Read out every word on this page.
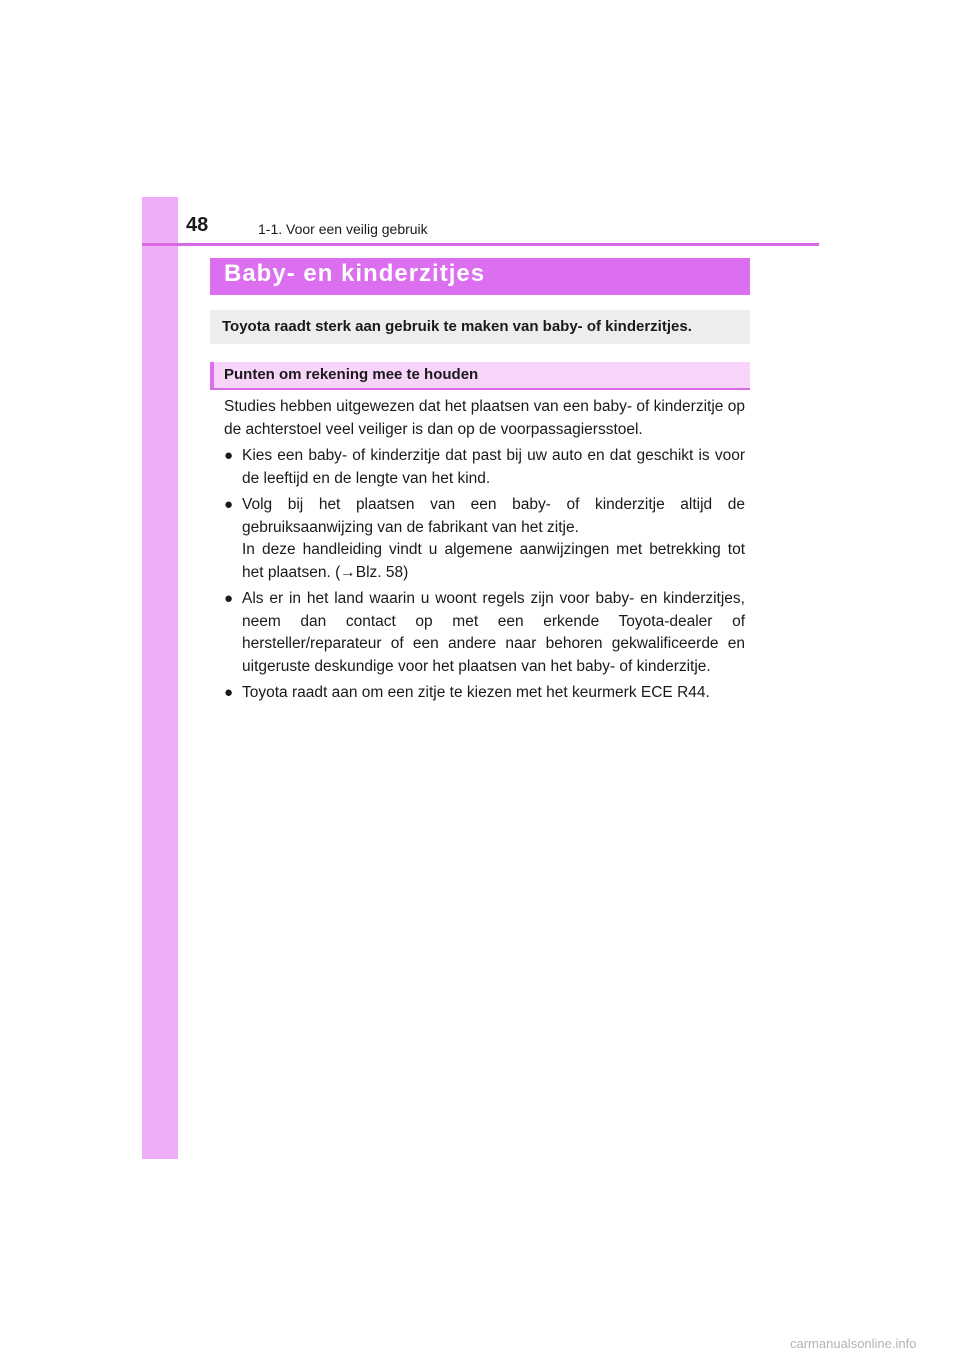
48	1-1. Voor een veilig gebruik
Baby- en kinderzitjes
Toyota raadt sterk aan gebruik te maken van baby- of kinderzitjes.
Punten om rekening mee te houden

Studies hebben uitgewezen dat het plaatsen van een baby- of kinderzitje op de achterstoel veel veiliger is dan op de voorpassagiersstoel.

● Kies een baby- of kinderzitje dat past bij uw auto en dat geschikt is voor de leeftijd en de lengte van het kind.

● Volg bij het plaatsen van een baby- of kinderzitje altijd de gebruiksaanwijzing van de fabrikant van het zitje.

In deze handleiding vindt u algemene aanwijzingen met betrekking tot het plaatsen. (→Blz. 58)

● Als er in het land waarin u woont regels zijn voor baby- en kinderzitjes, neem dan contact op met een erkende Toyota-dealer of hersteller/reparateur of een andere naar behoren gekwalificeerde en uitgeruste deskundige voor het plaatsen van het baby- of kinderzitje.

● Toyota raadt aan om een zitje te kiezen met het keurmerk ECE R44.

carmanualsonline.info
